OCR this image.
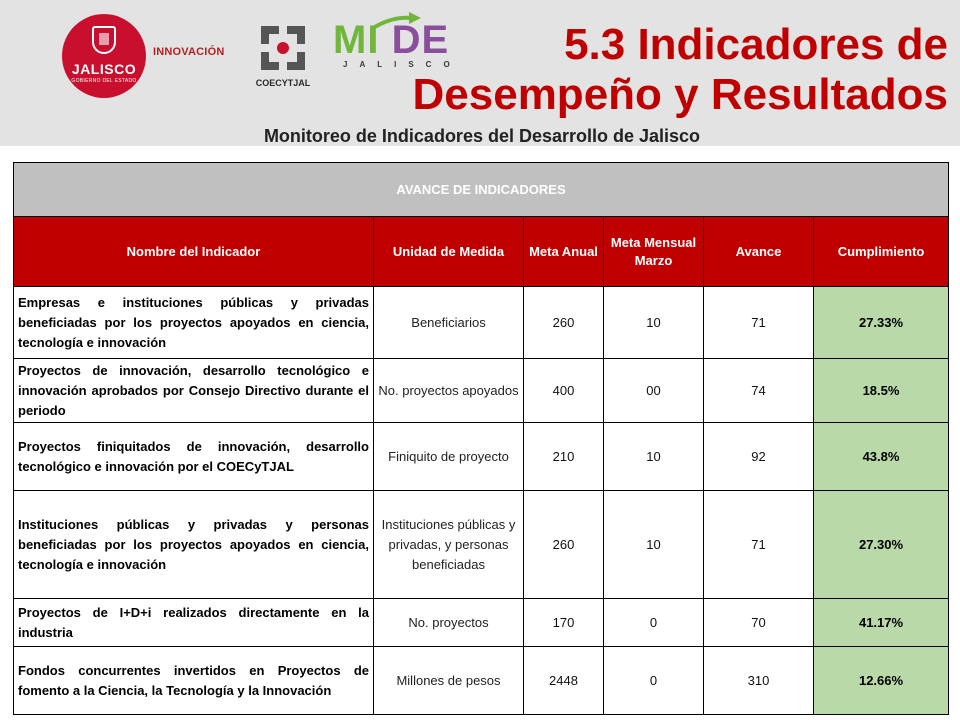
JALISCO
GOBIERNO DEL ESTADO
INNOVACIÓN
COECYTJAL
MI DE
JALISCO	5.3 Indicadores de Desempeño y Resultados
Monitoreo de Indicadores del Desarrollo de Jalisco
AVANCE DE INDICADORES					
Nombre del Indicador	Unidad de Medida	Meta Anual	Meta Mensual Marzo	Avance	Cumplimiento
Empresas e instituciones públicas y privadas beneficiadas por los proyectos apoyados en ciencia, tecnología e innovación	Beneficiarios	260	10	71	27.33%
Proyectos de innovación, desarrollo tecnológico e innovación aprobados por Consejo Directivo durante el periodo	No. proyectos apoyados	400	00	74	18.5%
Proyectos finiquitados de innovación, desarrollo tecnológico e innovación por el COECyTJAL	Finiquito de proyecto	210	10	92	43.8%
Instituciones públicas y privadas y personas beneficiadas por los proyectos apoyados en ciencia, tecnología e innovación	Instituciones públicas y privadas, y personas beneficiadas	260	10	71	27.30%
Proyectos de I+D+i realizados directamente en la industria	No. proyectos	170	0	70	41.17%
Fondos concurrentes invertidos en Proyectos de fomento a la Ciencia, la Tecnología y la Innovación	Millones de pesos	2448	0	310	12.66%
